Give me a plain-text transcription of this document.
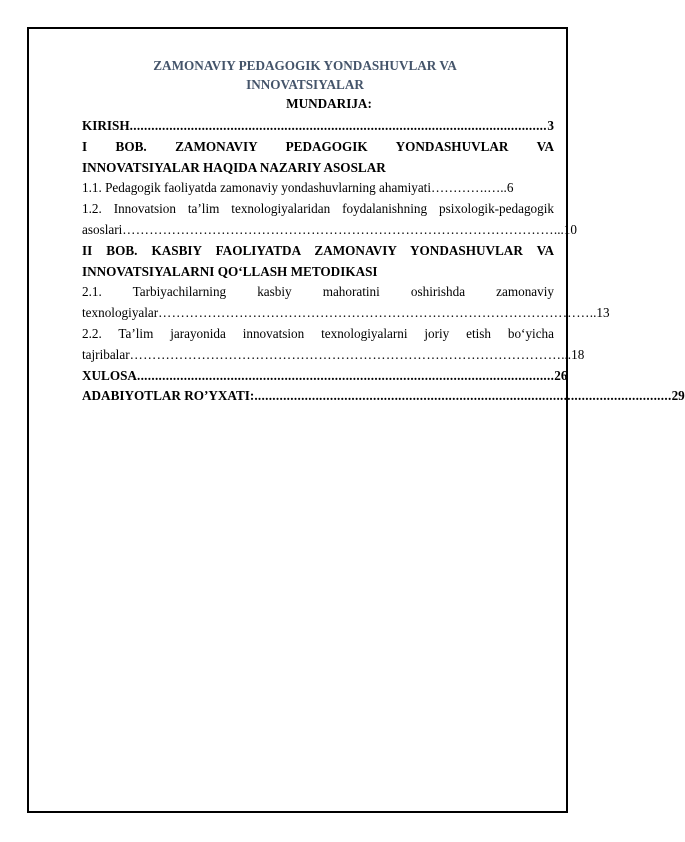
ZAMONAVIY PEDAGOGIK YONDASHUVLAR VA

INNOVATSIYALAR

MUNDARIJA:

KIRISH .................................................................................................................... 3
I BOB. ZAMONAVIY PEDAGOGIK YONDASHUVLAR VA
INNOVATSIYALAR HAQIDA NAZARIY ASOSLAR
1.1. Pedagogik faoliyatda zamonaviy yondashuvlarning ahamiyati………….…..6
1.2. Innovatsion ta’lim texnologiyalaridan foydalanishning psixologik-pedagogik
asoslari …………………………………………………………………………………… ...10
II BOB. KASBIY FAOLIYATDA ZAMONAVIY YONDASHUVLAR VA
INNOVATSIYALARNI QO‘LLASH METODIKASI
2.1. Tarbiyachilarning kasbiy mahoratini oshirishda zamonaviy
texnologiyalar …………………………………………………………………………………… ..13
2.2. Ta’lim jarayonida innovatsion texnologiyalarni joriy etish bo‘yicha
tajribalar …………………………………………………………………………………… ...18
XULOSA .................................................................................................................... 26
ADABIYOTLAR RO’YXATI: .................................................................................................................... 29
